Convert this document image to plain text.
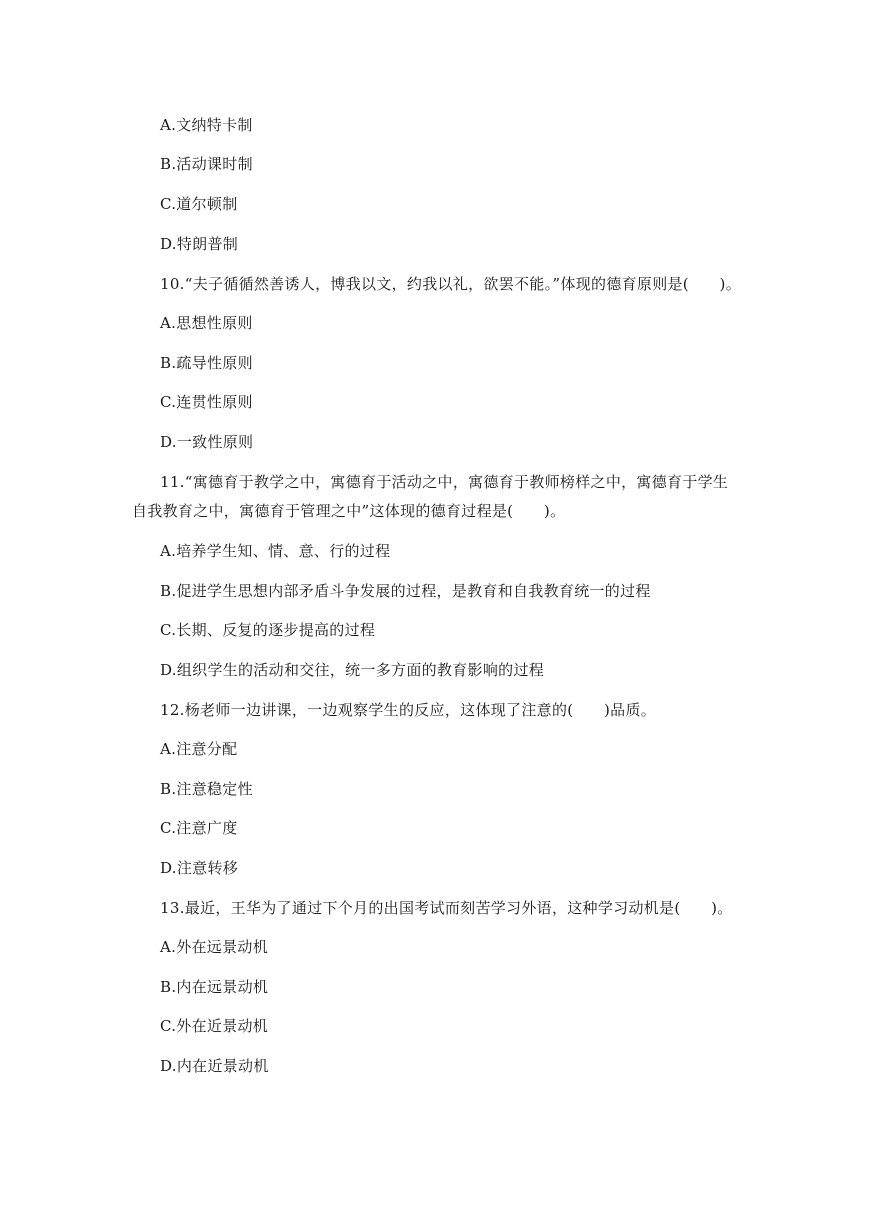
A.文纳特卡制
B.活动课时制
C.道尔顿制
D.特朗普制
10.“夫子循循然善诱人，博我以文，约我以礼，欲罢不能。”体现的德育原则是(　　)。
A.思想性原则
B.疏导性原则
C.连贯性原则
D.一致性原则
11.“寓德育于教学之中，寓德育于活动之中，寓德育于教师榜样之中，寓德育于学生
自我教育之中，寓德育于管理之中”这体现的德育过程是(　　)。
A.培养学生知、情、意、行的过程
B.促进学生思想内部矛盾斗争发展的过程，是教育和自我教育统一的过程
C.长期、反复的逐步提高的过程
D.组织学生的活动和交往，统一多方面的教育影响的过程
12.杨老师一边讲课，一边观察学生的反应，这体现了注意的(　　)品质。
A.注意分配
B.注意稳定性
C.注意广度
D.注意转移
13.最近，王华为了通过下个月的出国考试而刻苦学习外语，这种学习动机是(　　)。
A.外在远景动机
B.内在远景动机
C.外在近景动机
D.内在近景动机
